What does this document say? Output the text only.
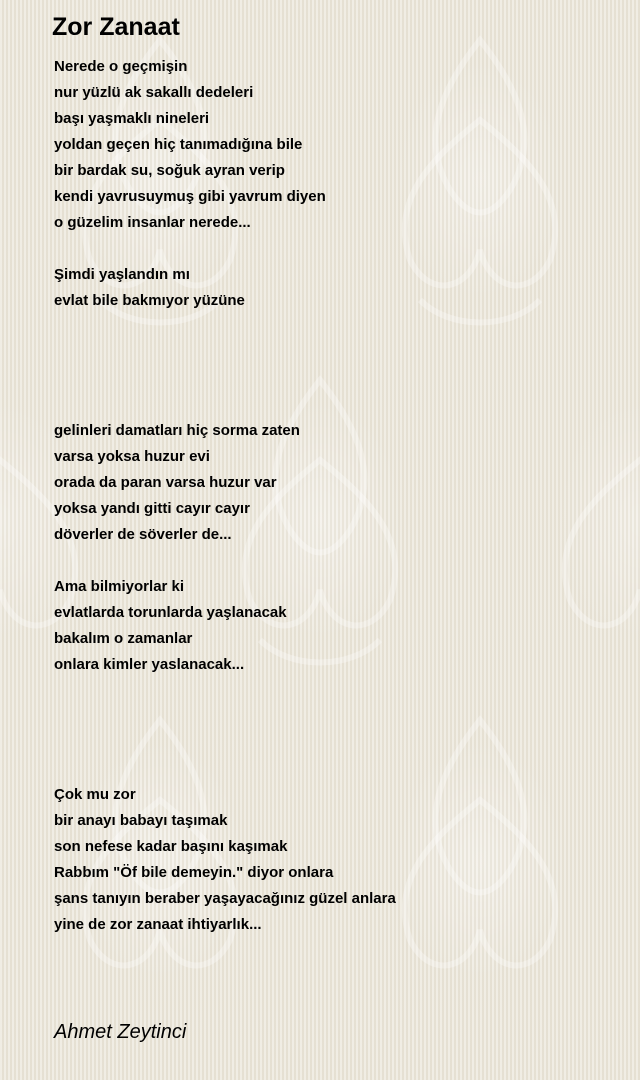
Zor Zanaat
Nerede o geçmişin
nur yüzlü ak sakallı dedeleri
başı yaşmaklı nineleri
yoldan geçen hiç tanımadığına bile
bir bardak su, soğuk ayran verip
kendi yavrusuymuş gibi yavrum diyen
o güzelim insanlar nerede...
Şimdi yaşlandın mı
evlat bile bakmıyor yüzüne
gelinleri damatları hiç sorma zaten
varsa yoksa huzur evi
orada da paran varsa huzur var
yoksa yandı gitti cayır cayır
döverler de söverler de...
Ama bilmiyorlar ki
evlatlarda torunlarda yaşlanacak
bakalım o zamanlar
onlara kimler yaslanacak...
Çok mu zor
bir anayı babayı taşımak
son nefese kadar başını kaşımak
Rabbım "Öf bile demeyin." diyor onlara
şans tanıyın beraber yaşayacağınız güzel anlara
yine de zor zanaat ihtiyarlık...
Ahmet Zeytinci
